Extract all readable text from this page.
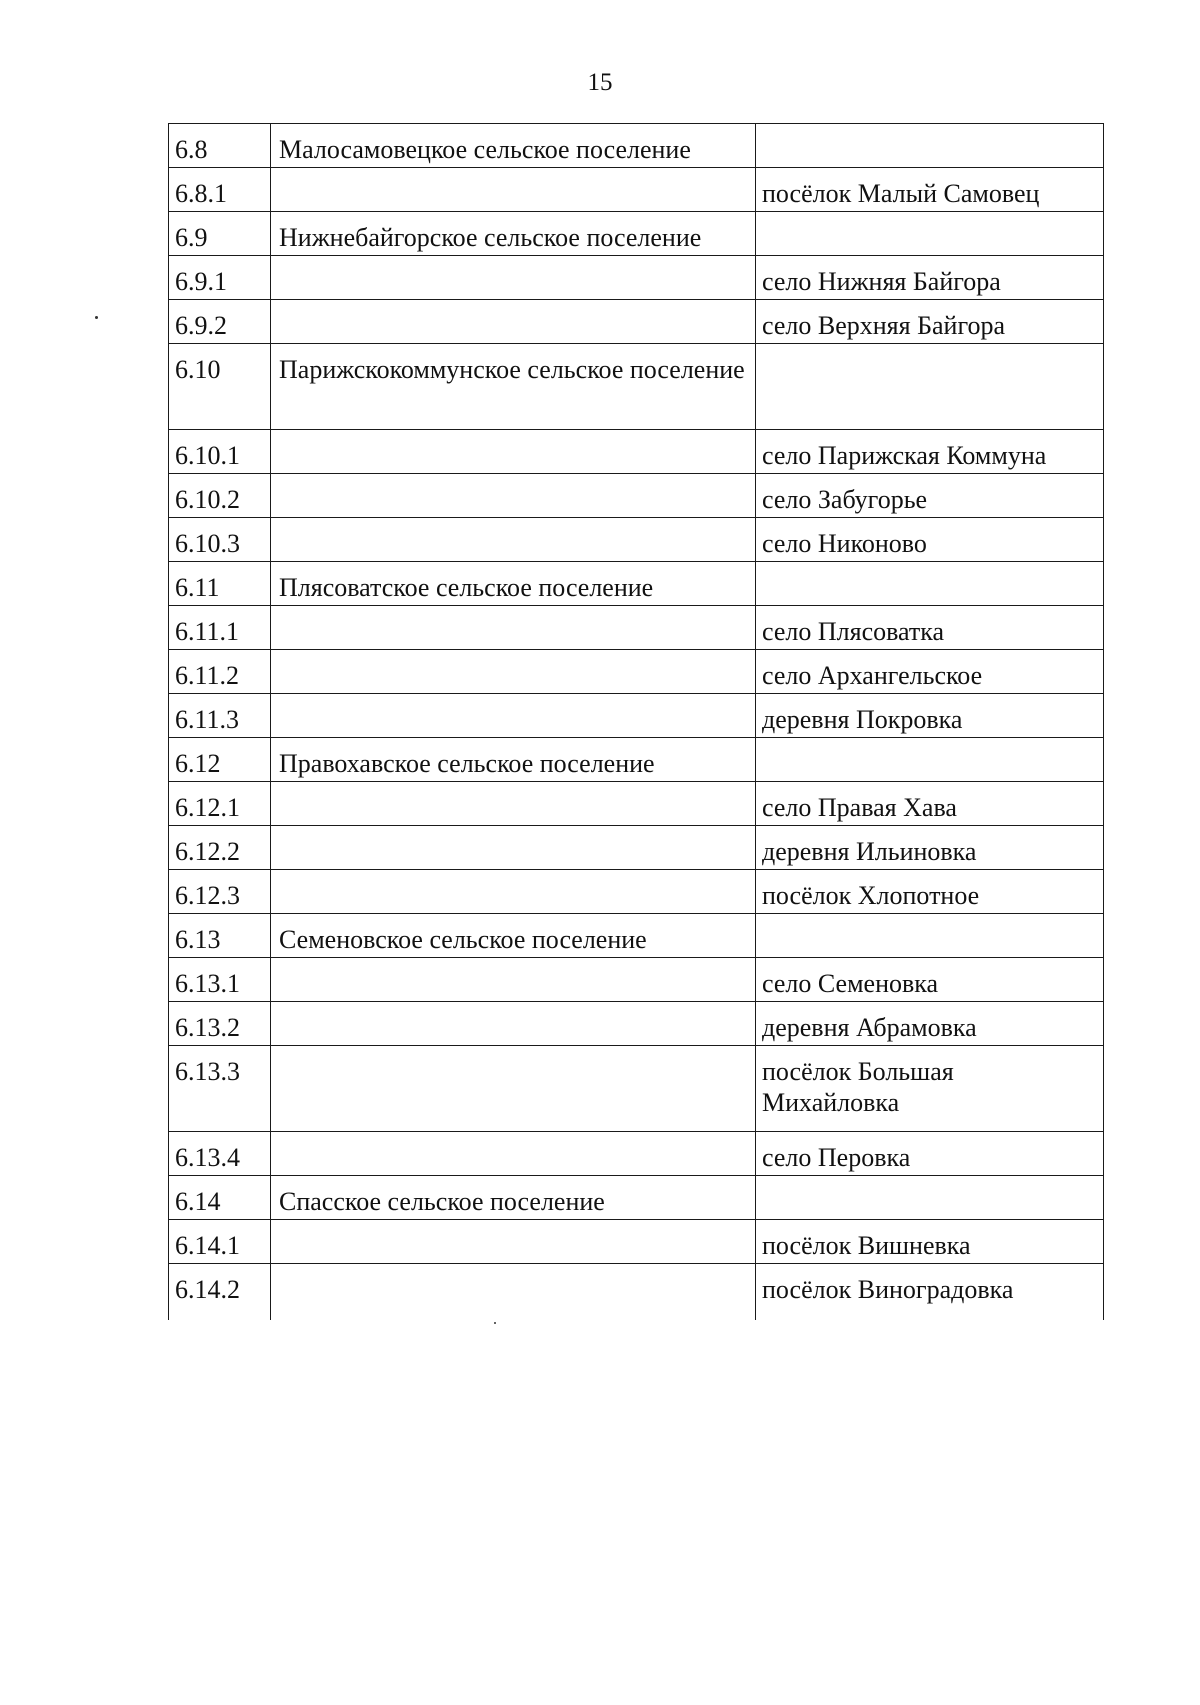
15
6.8	Малосамовецкое сельское поселение	
6.8.1		посёлок Малый Самовец
6.9	Нижнебайгорское сельское поселение	
6.9.1		село Нижняя Байгора
6.9.2		село Верхняя Байгора
6.10	Парижскокоммунское сельское поселение	
6.10.1		село Парижская Коммуна
6.10.2		село Забугорье
6.10.3		село Никоново
6.11	Плясоватское сельское поселение	
6.11.1		село Плясоватка
6.11.2		село Архангельское
6.11.3		деревня Покровка
6.12	Правохавское сельское поселение	
6.12.1		село Правая Хава
6.12.2		деревня Ильиновка
6.12.3		посёлок Хлопотное
6.13	Семеновское сельское поселение	
6.13.1		село Семеновка
6.13.2		деревня Абрамовка
6.13.3		посёлок Большая Михайловка
6.13.4		село Перовка
6.14	Спасское сельское поселение	
6.14.1		посёлок Вишневка
6.14.2		посёлок Виноградовка
